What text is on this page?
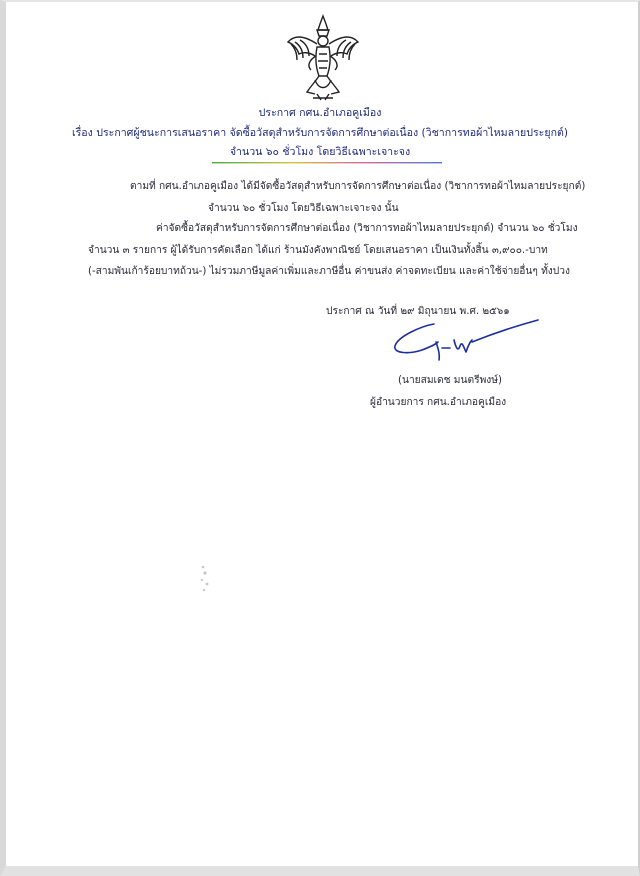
ประกาศ กศน.อำเภอคูเมือง
เรื่อง ประกาศผู้ชนะการเสนอราคา จัดซื้อวัสดุสำหรับการจัดการศึกษาต่อเนื่อง (วิชาการทอผ้าไหมลายประยุกต์)
จำนวน ๖๐ ชั่วโมง โดยวิธีเฉพาะเจาะจง
ตามที่ กศน.อำเภอคูเมือง ได้มีจัดซื้อวัสดุสำหรับการจัดการศึกษาต่อเนื่อง (วิชาการทอผ้าไหมลายประยุกต์)
จำนวน ๖๐ ชั่วโมง โดยวิธีเฉพาะเจาะจง นั้น
ค่าจัดซื้อวัสดุสำหรับการจัดการศึกษาต่อเนื่อง (วิชาการทอผ้าไหมลายประยุกต์) จำนวน ๖๐ ชั่วโมง
จำนวน ๓ รายการ ผู้ได้รับการคัดเลือก ได้แก่ ร้านมังคังพาณิชย์ โดยเสนอราคา เป็นเงินทั้งสิ้น ๓,๙๐๐.-บาท
(-สามพันเก้าร้อยบาทถ้วน-) ไม่รวมภาษีมูลค่าเพิ่มและภาษีอื่น ค่าขนส่ง ค่าจดทะเบียน และค่าใช้จ่ายอื่นๆ ทั้งปวง
ประกาศ ณ วันที่ ๒๙ มิถุนายน พ.ศ. ๒๕๖๑
(นายสมเดช มนตรีพงษ์)
ผู้อำนวยการ กศน.อำเภอคูเมือง
